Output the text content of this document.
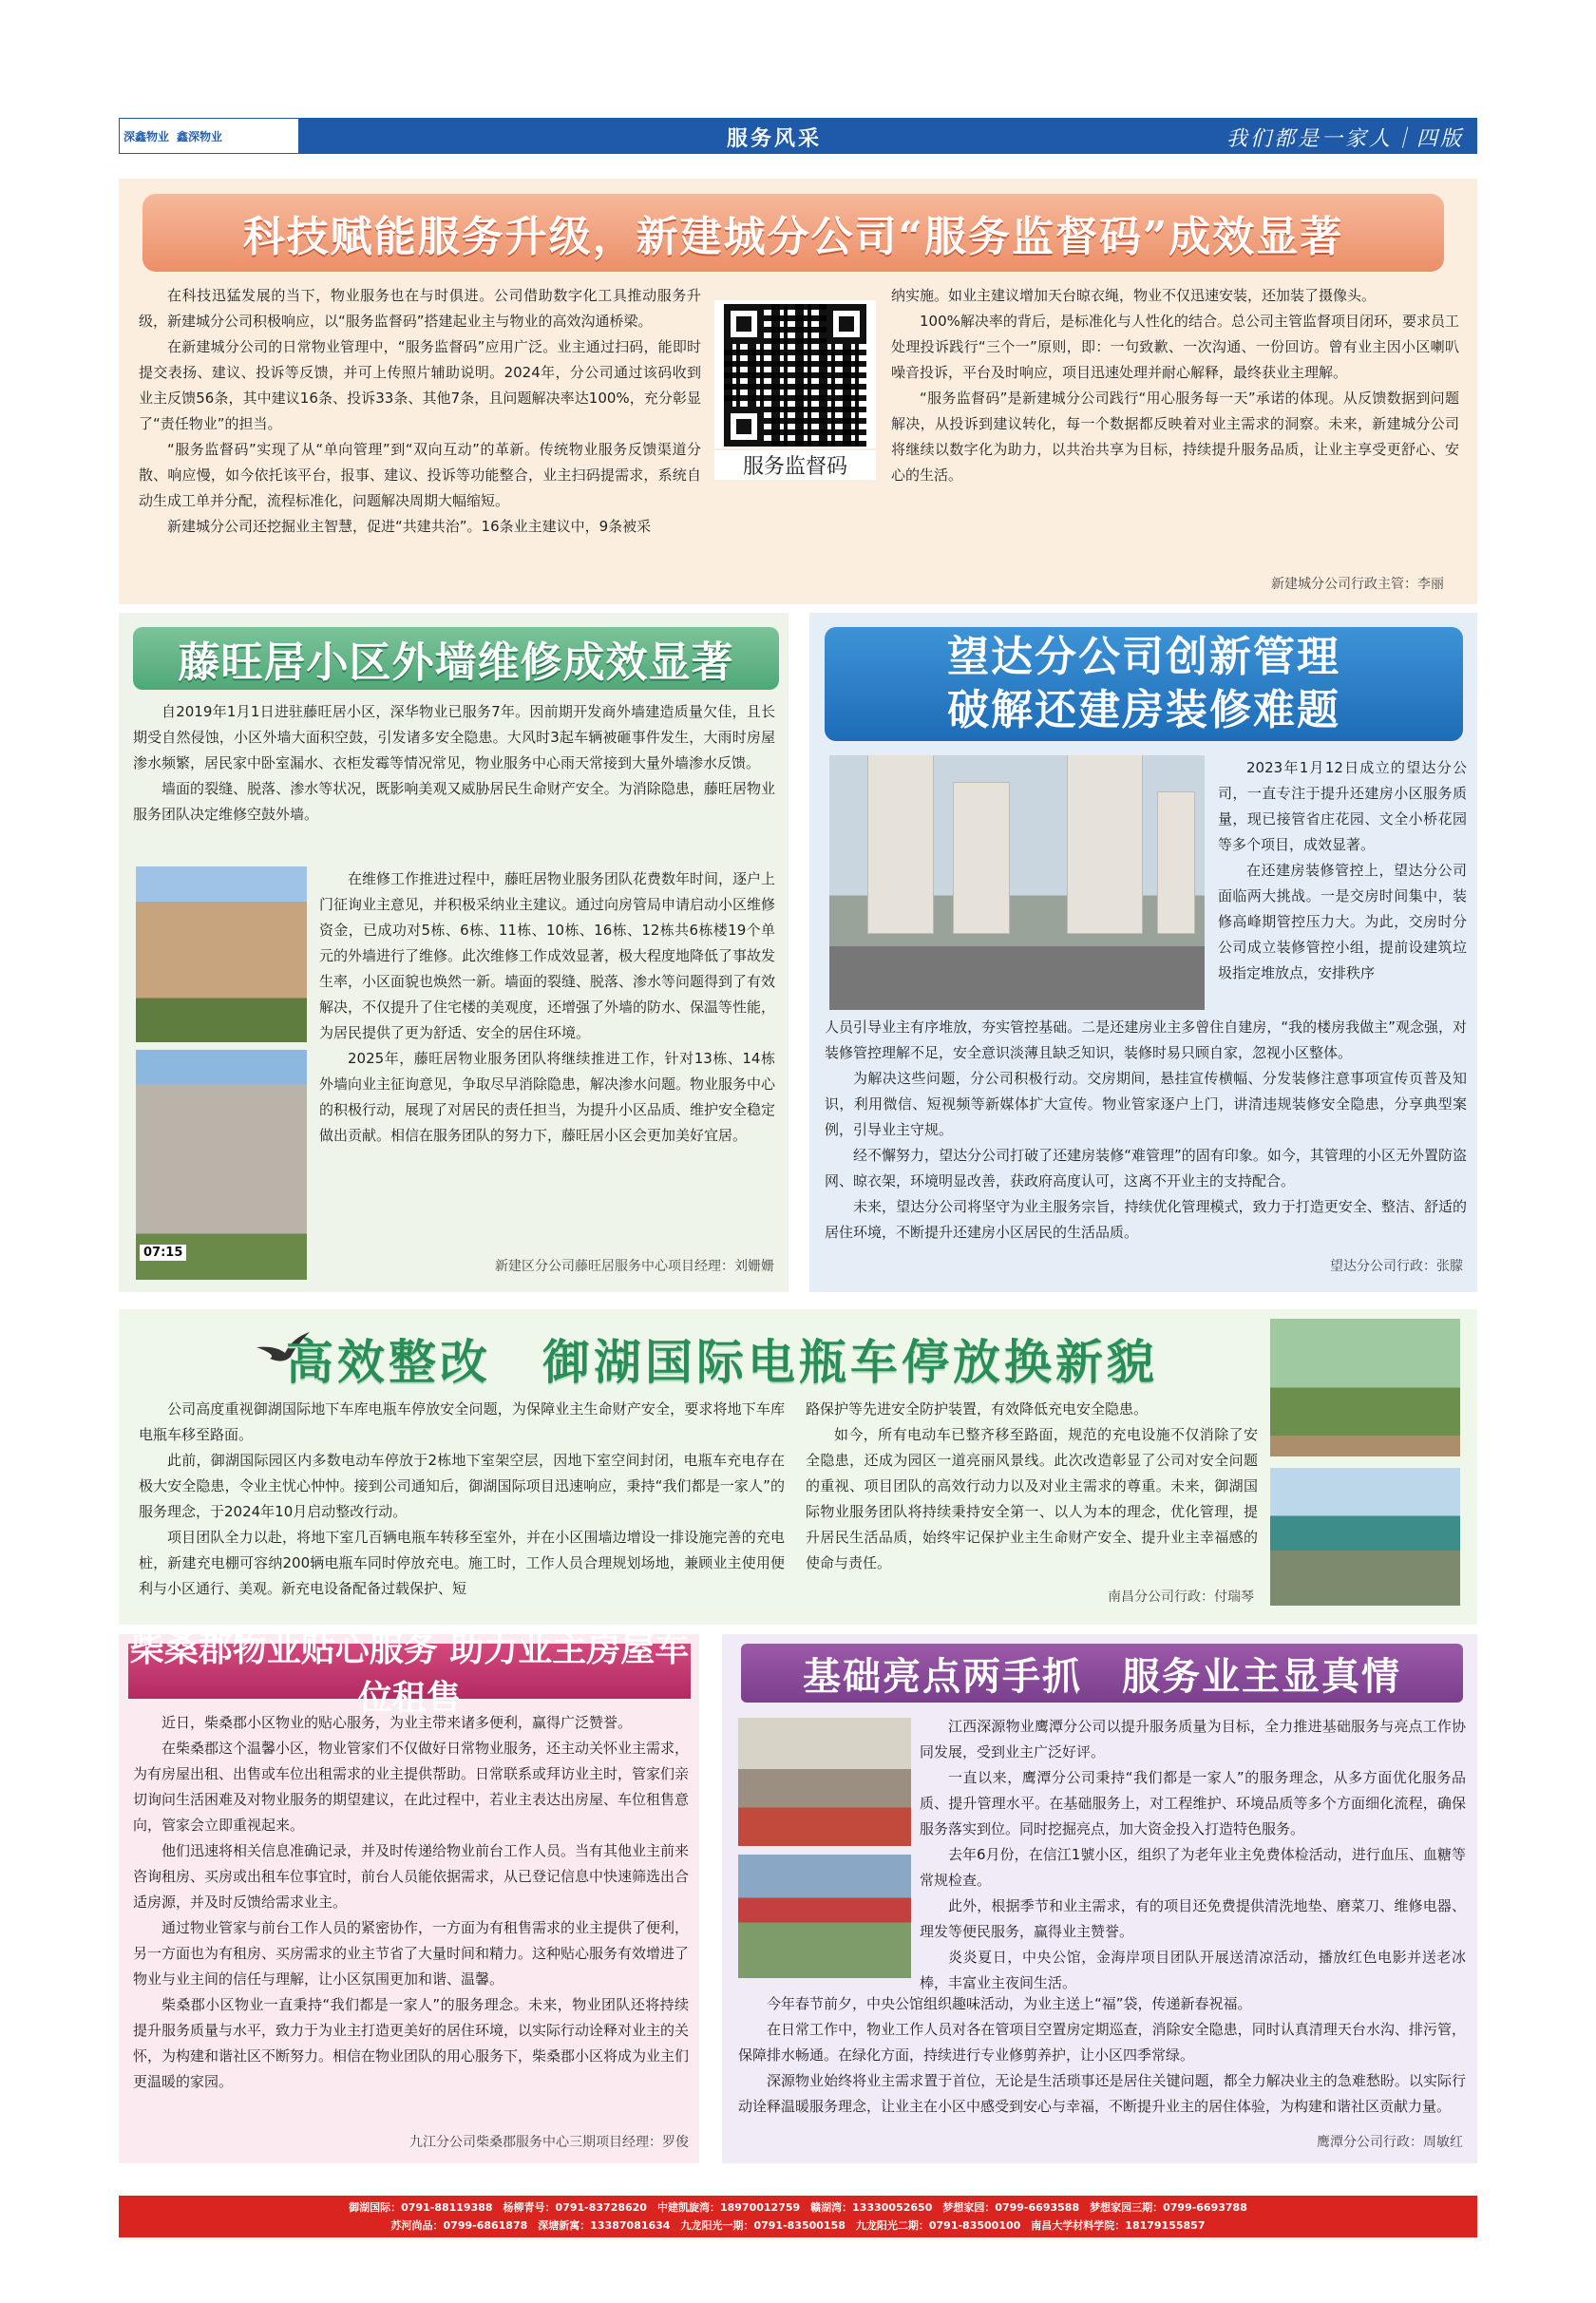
深鑫物业 鑫深物业	服务风采	我们都是一家人｜四版
科技赋能服务升级，新建城分公司“服务监督码”成效显著

在科技迅猛发展的当下，物业服务也在与时俱进。公司借助数字化工具推动服务升级，新建城分公司积极响应，以“服务监督码”搭建起业主与物业的高效沟通桥梁。

在新建城分公司的日常物业管理中，“服务监督码”应用广泛。业主通过扫码，能即时提交表扬、建议、投诉等反馈，并可上传照片辅助说明。2024年，分公司通过该码收到业主反馈56条，其中建议16条、投诉33条、其他7条，且问题解决率达100%，充分彰显了“责任物业”的担当。

“服务监督码”实现了从“单向管理”到“双向互动”的革新。传统物业服务反馈渠道分散、响应慢，如今依托该平台，报事、建议、投诉等功能整合，业主扫码提需求，系统自动生成工单并分配，流程标准化，问题解决周期大幅缩短。

新建城分公司还挖掘业主智慧，促进“共建共治”。16条业主建议中，9条被采

服务监督码

纳实施。如业主建议增加天台晾衣绳，物业不仅迅速安装，还加装了摄像头。

100%解决率的背后，是标准化与人性化的结合。总公司主管监督项目闭环，要求员工处理投诉践行“三个一”原则，即：一句致歉、一次沟通、一份回访。曾有业主因小区喇叭噪音投诉，平台及时响应，项目迅速处理并耐心解释，最终获业主理解。

“服务监督码”是新建城分公司践行“用心服务每一天”承诺的体现。从反馈数据到问题解决，从投诉到建议转化，每一个数据都反映着对业主需求的洞察。未来，新建城分公司将继续以数字化为助力，以共治共享为目标，持续提升服务品质，让业主享受更舒心、安心的生活。

新建城分公司行政主管：李丽
藤旺居小区外墙维修成效显著

自2019年1月1日进驻藤旺居小区，深华物业已服务7年。因前期开发商外墙建造质量欠佳，且长期受自然侵蚀，小区外墙大面积空鼓，引发诸多安全隐患。大风时3起车辆被砸事件发生，大雨时房屋渗水频繁，居民家中卧室漏水、衣柜发霉等情况常见，物业服务中心雨天常接到大量外墙渗水反馈。

墙面的裂缝、脱落、渗水等状况，既影响美观又威胁居民生命财产安全。为消除隐患，藤旺居物业服务团队决定维修空鼓外墙。

07:15

在维修工作推进过程中，藤旺居物业服务团队花费数年时间，逐户上门征询业主意见，并积极采纳业主建议。通过向房管局申请启动小区维修资金，已成功对5栋、6栋、11栋、10栋、16栋、12栋共6栋楼19个单元的外墙进行了维修。此次维修工作成效显著，极大程度地降低了事故发生率，小区面貌也焕然一新。墙面的裂缝、脱落、渗水等问题得到了有效解决，不仅提升了住宅楼的美观度，还增强了外墙的防水、保温等性能，为居民提供了更为舒适、安全的居住环境。

2025年，藤旺居物业服务团队将继续推进工作，针对13栋、14栋外墙向业主征询意见，争取尽早消除隐患，解决渗水问题。物业服务中心的积极行动，展现了对居民的责任担当，为提升小区品质、维护安全稳定做出贡献。相信在服务团队的努力下，藤旺居小区会更加美好宜居。

新建区分公司藤旺居服务中心项目经理：刘姗姗
望达分公司创新管理
破解还建房装修难题

2023年1月12日成立的望达分公司，一直专注于提升还建房小区服务质量，现已接管省庄花园、文全小桥花园等多个项目，成效显著。

在还建房装修管控上，望达分公司面临两大挑战。一是交房时间集中，装修高峰期管控压力大。为此，交房时分公司成立装修管控小组，提前设建筑垃圾指定堆放点，安排秩序

人员引导业主有序堆放，夯实管控基础。二是还建房业主多曾住自建房，“我的楼房我做主”观念强，对装修管控理解不足，安全意识淡薄且缺乏知识，装修时易只顾自家，忽视小区整体。

为解决这些问题，分公司积极行动。交房期间，悬挂宣传横幅、分发装修注意事项宣传页普及知识，利用微信、短视频等新媒体扩大宣传。物业管家逐户上门，讲清违规装修安全隐患，分享典型案例，引导业主守规。

经不懈努力，望达分公司打破了还建房装修“难管理”的固有印象。如今，其管理的小区无外置防盗网、晾衣架，环境明显改善，获政府高度认可，这离不开业主的支持配合。

未来，望达分公司将坚守为业主服务宗旨，持续优化管理模式，致力于打造更安全、整洁、舒适的居住环境，不断提升还建房小区居民的生活品质。

望达分公司行政：张朦
高效整改　御湖国际电瓶车停放换新貌

公司高度重视御湖国际地下车库电瓶车停放安全问题，为保障业主生命财产安全，要求将地下车库电瓶车移至路面。

此前，御湖国际园区内多数电动车停放于2栋地下室架空层，因地下室空间封闭，电瓶车充电存在极大安全隐患，令业主忧心忡忡。接到公司通知后，御湖国际项目迅速响应，秉持“我们都是一家人”的服务理念，于2024年10月启动整改行动。

项目团队全力以赴，将地下室几百辆电瓶车转移至室外，并在小区围墙边增设一排设施完善的充电桩，新建充电棚可容纳200辆电瓶车同时停放充电。施工时，工作人员合理规划场地，兼顾业主使用便利与小区通行、美观。新充电设备配备过载保护、短

路保护等先进安全防护装置，有效降低充电安全隐患。

如今，所有电动车已整齐移至路面，规范的充电设施不仅消除了安全隐患，还成为园区一道亮丽风景线。此次改造彰显了公司对安全问题的重视、项目团队的高效行动力以及对业主需求的尊重。未来，御湖国际物业服务团队将持续秉持安全第一、以人为本的理念，优化管理，提升居民生活品质，始终牢记保护业主生命财产安全、提升业主幸福感的使命与责任。

南昌分公司行政：付瑞琴
柴桑郡物业贴心服务 助力业主房屋车位租售

近日，柴桑郡小区物业的贴心服务，为业主带来诸多便利，赢得广泛赞誉。

在柴桑郡这个温馨小区，物业管家们不仅做好日常物业服务，还主动关怀业主需求，为有房屋出租、出售或车位出租需求的业主提供帮助。日常联系或拜访业主时，管家们亲切询问生活困难及对物业服务的期望建议，在此过程中，若业主表达出房屋、车位租售意向，管家会立即重视起来。

他们迅速将相关信息准确记录，并及时传递给物业前台工作人员。当有其他业主前来咨询租房、买房或出租车位事宜时，前台人员能依据需求，从已登记信息中快速筛选出合适房源，并及时反馈给需求业主。

通过物业管家与前台工作人员的紧密协作，一方面为有租售需求的业主提供了便利，另一方面也为有租房、买房需求的业主节省了大量时间和精力。这种贴心服务有效增进了物业与业主间的信任与理解，让小区氛围更加和谐、温馨。

柴桑郡小区物业一直秉持“我们都是一家人”的服务理念。未来，物业团队还将持续提升服务质量与水平，致力于为业主打造更美好的居住环境，以实际行动诠释对业主的关怀，为构建和谐社区不断努力。相信在物业团队的用心服务下，柴桑郡小区将成为业主们更温暖的家园。

九江分公司柴桑郡服务中心三期项目经理：罗俊
基础亮点两手抓　服务业主显真情

江西深源物业鹰潭分公司以提升服务质量为目标，全力推进基础服务与亮点工作协同发展，受到业主广泛好评。

一直以来，鹰潭分公司秉持“我们都是一家人”的服务理念，从多方面优化服务品质、提升管理水平。在基础服务上，对工程维护、环境品质等多个方面细化流程，确保服务落实到位。同时挖掘亮点，加大资金投入打造特色服务。

去年6月份，在信江1號小区，组织了为老年业主免费体检活动，进行血压、血糖等常规检查。

此外，根据季节和业主需求，有的项目还免费提供清洗地垫、磨菜刀、维修电器、理发等便民服务，赢得业主赞誉。

炎炎夏日，中央公馆，金海岸项目团队开展送清凉活动，播放红色电影并送老冰棒，丰富业主夜间生活。

今年春节前夕，中央公馆组织趣味活动，为业主送上“福”袋，传递新春祝福。

在日常工作中，物业工作人员对各在管项目空置房定期巡查，消除安全隐患，同时认真清理天台水沟、排污管，保障排水畅通。在绿化方面，持续进行专业修剪养护，让小区四季常绿。

深源物业始终将业主需求置于首位，无论是生活琐事还是居住关键问题，都全力解决业主的急难愁盼。以实际行动诠释温暖服务理念，让业主在小区中感受到安心与幸福，不断提升业主的居住体验，为构建和谐社区贡献力量。

鹰潭分公司行政：周敏红
御湖国际：0791-88119388　杨柳青号：0791-83728620　中建凯旋湾：18970012759　赣湖湾：13330052650　梦想家园：0799-6693588　梦想家园三期：0799-6693788
苏河尚品：0799-6861878　深塘新寓：13387081634　九龙阳光一期：0791-83500158　九龙阳光二期：0791-83500100　南昌大学材料学院：18179155857
